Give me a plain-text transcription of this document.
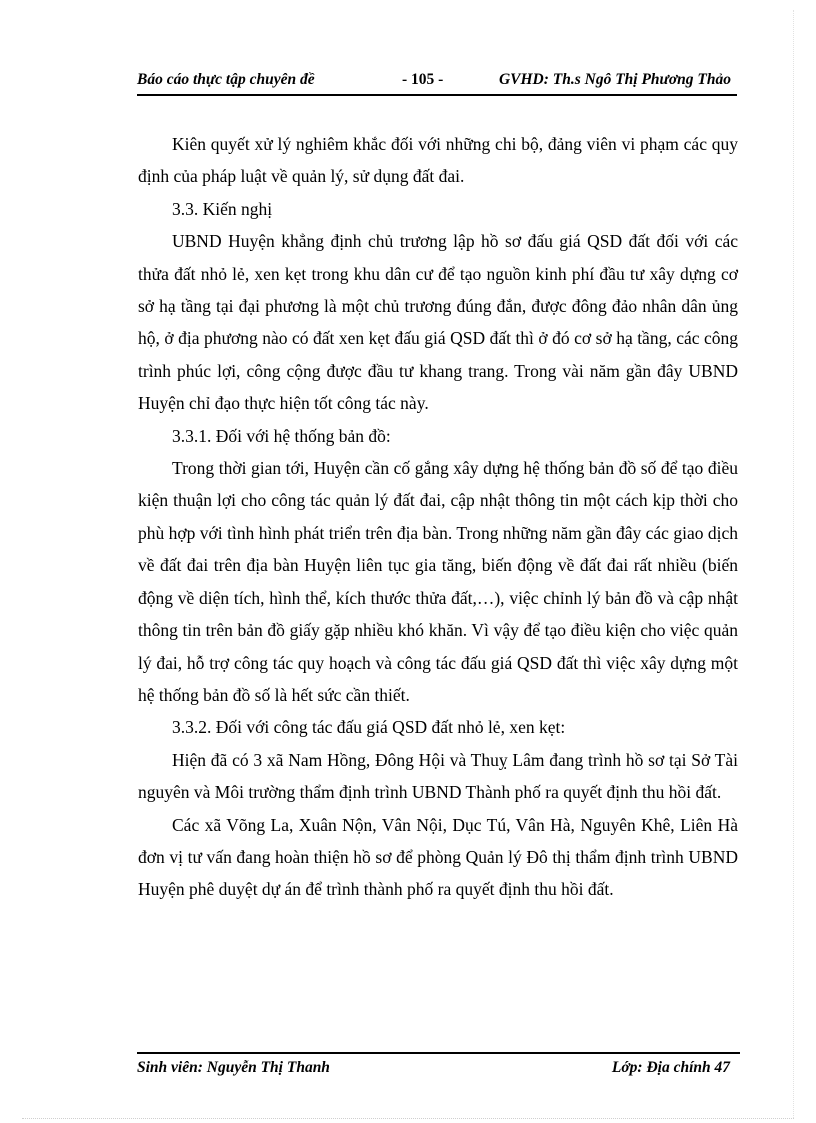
Báo cáo thực tập chuyên đề	- 105 -	GVHD: Th.s Ngô Thị Phương Thảo

Kiên quyết xử lý nghiêm khắc đối với những chi bộ, đảng viên vi phạm các quy định của pháp luật về quản lý, sử dụng đất đai.

3.3. Kiến nghị

UBND Huyện khẳng định chủ trương lập hồ sơ đấu giá QSD đất đối với các thửa đất nhỏ lẻ, xen kẹt trong khu dân cư để tạo nguồn kinh phí đầu tư xây dựng cơ sở hạ tầng tại đại phương là một chủ trương đúng đắn, được đông đảo nhân dân ủng hộ, ở địa phương nào có đất xen kẹt đấu giá QSD đất thì ở đó cơ sở hạ tầng, các công trình phúc lợi, công cộng được đầu tư khang trang. Trong vài năm gần đây UBND Huyện chỉ đạo thực hiện tốt công tác này.

3.3.1. Đối với hệ thống bản đồ:

Trong thời gian tới, Huyện cần cố gắng xây dựng hệ thống bản đồ số để tạo điều kiện thuận lợi cho công tác quản lý đất đai, cập nhật thông tin một cách kịp thời cho phù hợp với tình hình phát triển trên địa bàn. Trong những năm gần đây các giao dịch về đất đai trên địa bàn Huyện liên tục gia tăng, biến động về đất đai rất nhiều (biến động về diện tích, hình thể, kích thước thửa đất,…), việc chỉnh lý bản đồ và cập nhật thông tin trên bản đồ giấy gặp nhiều khó khăn. Vì vậy để tạo điều kiện cho việc quản lý đai, hỗ trợ công tác quy hoạch và công tác đấu giá QSD đất thì việc xây dựng một hệ thống bản đồ số là hết sức cần thiết.

3.3.2. Đối với công tác đấu giá QSD đất nhỏ lẻ, xen kẹt:

Hiện đã có 3 xã Nam Hồng, Đông Hội và Thuỵ Lâm đang trình hồ sơ tại Sở Tài nguyên và Môi trường thẩm định trình UBND Thành phố ra quyết định thu hồi đất.

Các xã Võng La, Xuân Nộn, Vân Nội, Dục Tú, Vân Hà, Nguyên Khê, Liên Hà đơn vị tư vấn đang hoàn thiện hồ sơ để phòng Quản lý Đô thị thẩm định trình UBND Huyện phê duyệt dự án để trình thành phố ra quyết định thu hồi đất.

Sinh viên: Nguyễn Thị Thanh	Lớp: Địa chính 47
